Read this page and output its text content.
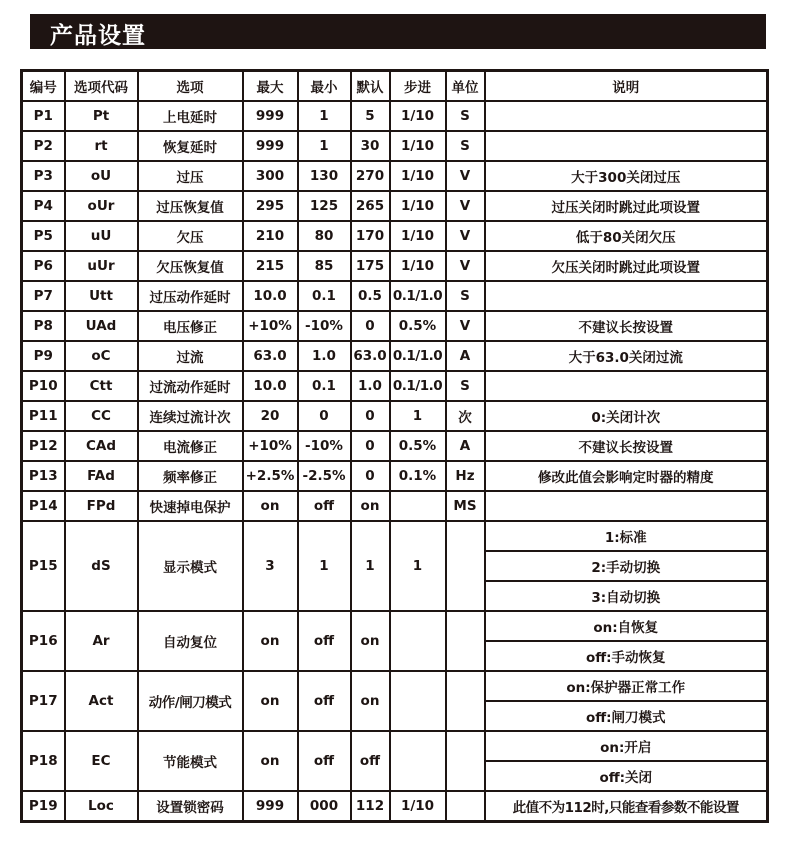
产品设置
编号	选项代码	选项	最大	最小	默认	步进	单位	说明
P1	Pt	上电延时	999	1	5	1/10	S	
P2	rt	恢复延时	999	1	30	1/10	S	
P3	oU	过压	300	130	270	1/10	V	大于300关闭过压
P4	oUr	过压恢复值	295	125	265	1/10	V	过压关闭时跳过此项设置
P5	uU	欠压	210	80	170	1/10	V	低于80关闭欠压
P6	uUr	欠压恢复值	215	85	175	1/10	V	欠压关闭时跳过此项设置
P7	Utt	过压动作延时	10.0	0.1	0.5	0.1/1.0	S	
P8	UAd	电压修正	+10%	-10%	0	0.5%	V	不建议长按设置
P9	oC	过流	63.0	1.0	63.0	0.1/1.0	A	大于63.0关闭过流
P10	Ctt	过流动作延时	10.0	0.1	1.0	0.1/1.0	S	
P11	CC	连续过流计次	20	0	0	1	次	0:关闭计次
P12	CAd	电流修正	+10%	-10%	0	0.5%	A	不建议长按设置
P13	FAd	频率修正	+2.5%	-2.5%	0	0.1%	Hz	修改此值会影响定时器的精度
P14	FPd	快速掉电保护	on	off	on		MS	
P15	dS	显示模式	3	1	1	1		1:标准
								2:手动切换
								3:自动切换
P16	Ar	自动复位	on	off	on			on:自恢复
								off:手动恢复
P17	Act	动作/闸刀模式	on	off	on			on:保护器正常工作
								off:闸刀模式
P18	EC	节能模式	on	off	off			on:开启
								off:关闭
P19	Loc	设置锁密码	999	000	112	1/10		此值不为112时,只能查看参数不能设置
